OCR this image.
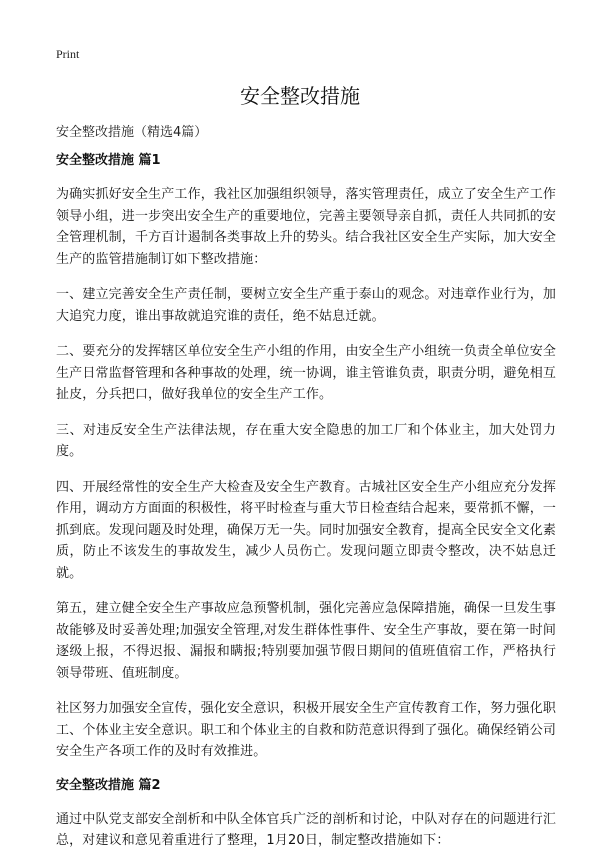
Print
安全整改措施
安全整改措施（精选4篇）
安全整改措施 篇1

为确实抓好安全生产工作，我社区加强组织领导，落实管理责任，成立了安全生产工作领导小组，进一步突出安全生产的重要地位，完善主要领导亲自抓，责任人共同抓的安全管理机制，千方百计遏制各类事故上升的势头。结合我社区安全生产实际，加大安全生产的监管措施制订如下整改措施：

一、建立完善安全生产责任制，要树立安全生产重于泰山的观念。对违章作业行为，加大追究力度，谁出事故就追究谁的责任，绝不姑息迁就。

二、要充分的发挥辖区单位安全生产小组的作用，由安全生产小组统一负责全单位安全生产日常监督管理和各种事故的处理，统一协调，谁主管谁负责，职责分明，避免相互扯皮，分兵把口，做好我单位的安全生产工作。

三、对违反安全生产法律法规，存在重大安全隐患的加工厂和个体业主，加大处罚力度。

四、开展经常性的安全生产大检查及安全生产教育。古城社区安全生产小组应充分发挥作用，调动方方面面的积极性，将平时检查与重大节日检查结合起来，要常抓不懈，一抓到底。发现问题及时处理，确保万无一失。同时加强安全教育，提高全民安全文化素质，防止不该发生的事故发生，减少人员伤亡。发现问题立即责令整改，决不姑息迁就。

第五，建立健全安全生产事故应急预警机制，强化完善应急保障措施，确保一旦发生事故能够及时妥善处理;加强安全管理,对发生群体性事件、安全生产事故，要在第一时间逐级上报，不得迟报、漏报和瞒报;特别要加强节假日期间的值班值宿工作，严格执行领导带班、值班制度。

社区努力加强安全宣传，强化安全意识，积极开展安全生产宣传教育工作，努力强化职工、个体业主安全意识。职工和个体业主的自救和防范意识得到了强化。确保经销公司安全生产各项工作的及时有效推进。

安全整改措施 篇2

通过中队党支部安全剖析和中队全体官兵广泛的剖析和讨论，中队对存在的问题进行汇总，对建议和意见着重进行了整理，1月20日，制定整改措施如下：
